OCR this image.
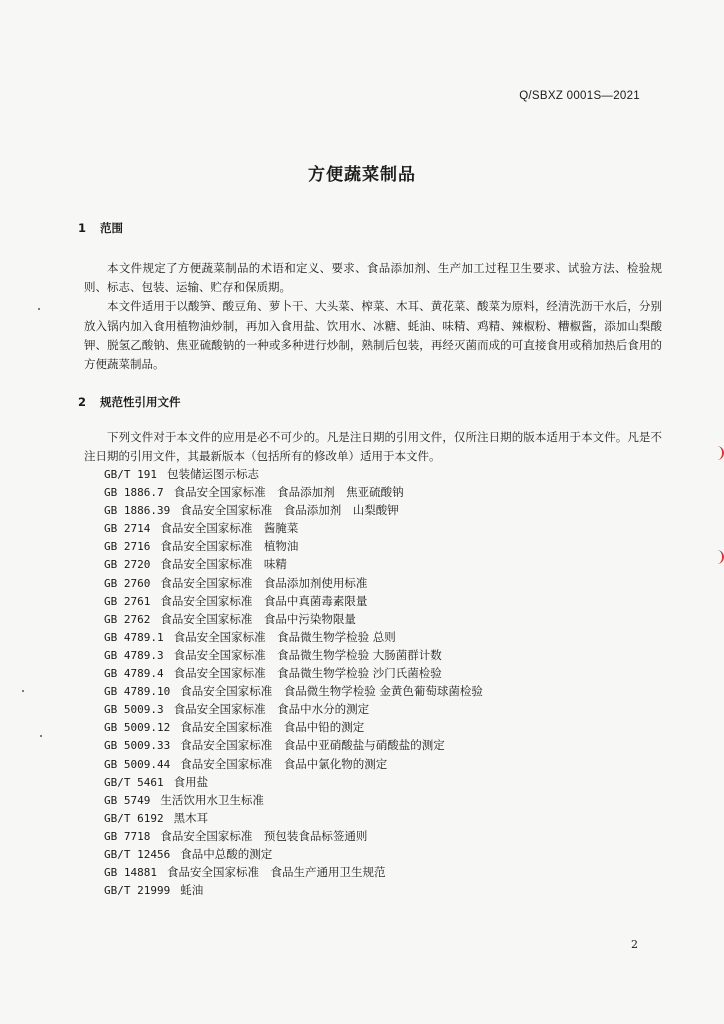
Q/SBXZ 0001S—2021
方便蔬菜制品
1 范围

本文件规定了方便蔬菜制品的术语和定义、要求、食品添加剂、生产加工过程卫生要求、试验方法、检验规则、标志、包装、运输、贮存和保质期。

本文件适用于以酸笋、酸豆角、萝卜干、大头菜、榨菜、木耳、黄花菜、酸菜为原料，经清洗沥干水后，分别放入锅内加入食用植物油炒制，再加入食用盐、饮用水、冰糖、蚝油、味精、鸡精、辣椒粉、糟椒酱，添加山梨酸钾、脱氢乙酸钠、焦亚硫酸钠的一种或多种进行炒制，熟制后包装，再经灭菌而成的可直接食用或稍加热后食用的方便蔬菜制品。

2 规范性引用文件

下列文件对于本文件的应用是必不可少的。凡是注日期的引用文件，仅所注日期的版本适用于本文件。凡是不注日期的引用文件，其最新版本（包括所有的修改单）适用于本文件。

GB/T 191 包装储运图示标志
GB 1886.7 食品安全国家标准　食品添加剂　焦亚硫酸钠
GB 1886.39 食品安全国家标准　食品添加剂　山梨酸钾
GB 2714 食品安全国家标准　酱腌菜
GB 2716 食品安全国家标准　植物油
GB 2720 食品安全国家标准　味精
GB 2760 食品安全国家标准　食品添加剂使用标准
GB 2761 食品安全国家标准　食品中真菌毒素限量
GB 2762 食品安全国家标准　食品中污染物限量
GB 4789.1 食品安全国家标准　食品微生物学检验 总则
GB 4789.3 食品安全国家标准　食品微生物学检验 大肠菌群计数
GB 4789.4 食品安全国家标准　食品微生物学检验 沙门氏菌检验
GB 4789.10 食品安全国家标准　食品微生物学检验 金黄色葡萄球菌检验
GB 5009.3 食品安全国家标准　食品中水分的测定
GB 5009.12 食品安全国家标准　食品中铅的测定
GB 5009.33 食品安全国家标准　食品中亚硝酸盐与硝酸盐的测定
GB 5009.44 食品安全国家标准　食品中氯化物的测定
GB/T 5461 食用盐
GB 5749 生活饮用水卫生标准
GB/T 6192 黑木耳
GB 7718 食品安全国家标准　预包装食品标签通则
GB/T 12456 食品中总酸的测定
GB 14881 食品安全国家标准　食品生产通用卫生规范
GB/T 21999 蚝油
2
